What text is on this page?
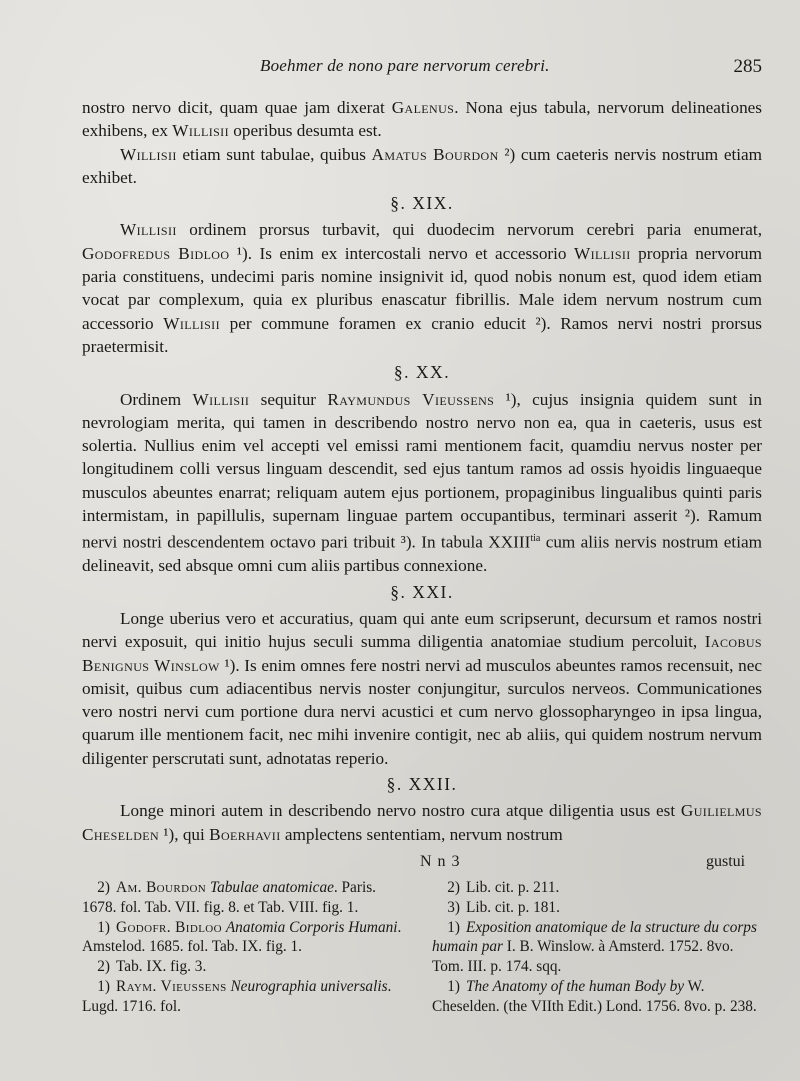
Boehmer de nono pare nervorum cerebri.	285

nostro nervo dicit, quam quae jam dixerat Galenus. Nona ejus tabula, nervorum delineationes exhibens, ex Willisii operibus desumta est.

Willisii etiam sunt tabulae, quibus Amatus Bourdon ²) cum caeteris nervis nostrum etiam exhibet.

§. XIX.

Willisii ordinem prorsus turbavit, qui duodecim nervorum cerebri paria enumerat, Godofredus Bidloo ¹). Is enim ex intercostali nervo et accessorio Willisii propria nervorum paria constituens, undecimi paris nomine insignivit id, quod nobis nonum est, quod idem etiam vocat par complexum, quia ex pluribus enascatur fibrillis. Male idem nervum nostrum cum accessorio Willisii per commune foramen ex cranio educit ²). Ramos nervi nostri prorsus praetermisit.

§. XX.

Ordinem Willisii sequitur Raymundus Vieussens ¹), cujus insignia quidem sunt in nevrologiam merita, qui tamen in describendo nostro nervo non ea, qua in caeteris, usus est solertia. Nullius enim vel accepti vel emissi rami mentionem facit, quamdiu nervus noster per longitudinem colli versus linguam descendit, sed ejus tantum ramos ad ossis hyoidis linguaeque musculos abeuntes enarrat; reliquam autem ejus portionem, propaginibus lingualibus quinti paris intermistam, in papillulis, supernam linguae partem occupantibus, terminari asserit ²). Ramum nervi nostri descendentem octavo pari tribuit ³). In tabula $XXIII^{tia}$ cum aliis nervis nostrum etiam delineavit, sed absque omni cum aliis partibus connexione.

§. XXI.

Longe uberius vero et accuratius, quam qui ante eum scripserunt, decursum et ramos nostri nervi exposuit, qui initio hujus seculi summa diligentia anatomiae studium percoluit, Iacobus Benignus Winslow ¹). Is enim omnes fere nostri nervi ad musculos abeuntes ramos recensuit, nec omisit, quibus cum adiacentibus nervis noster conjungitur, surculos nerveos. Communicationes vero nostri nervi cum portione dura nervi acustici et cum nervo glossopharyngeo in ipsa lingua, quarum ille mentionem facit, nec mihi invenire contigit, nec ab aliis, qui quidem nostrum nervum diligenter perscrutati sunt, adnotatas reperio.

§. XXII.

Longe minori autem in describendo nervo nostro cura atque diligentia usus est Guilielmus Cheselden ¹), qui Boerhavii amplectens sententiam, nervum nostrum

N n 3	gustui
2) Am. Bourdon Tabulae anatomicae. Paris. 1678. fol. Tab. VII. fig. 8. et Tab. VIII. fig. 1.
1) Godofr. Bidloo Anatomia Corporis Humani. Amstelod. 1685. fol. Tab. IX. fig. 1.
2) Tab. IX. fig. 3.
1) Raym. Vieussens Neurographia universalis. Lugd. 1716. fol.
2) Lib. cit. p. 211.
3) Lib. cit. p. 181.
1) Exposition anatomique de la structure du corps humain par I. B. Winslow. à Amsterd. 1752. 8vo. Tom. III. p. 174. sqq.
1) The Anatomy of the human Body by W. Cheselden. (the VIIth Edit.) Lond. 1756. 8vo. p. 238.
